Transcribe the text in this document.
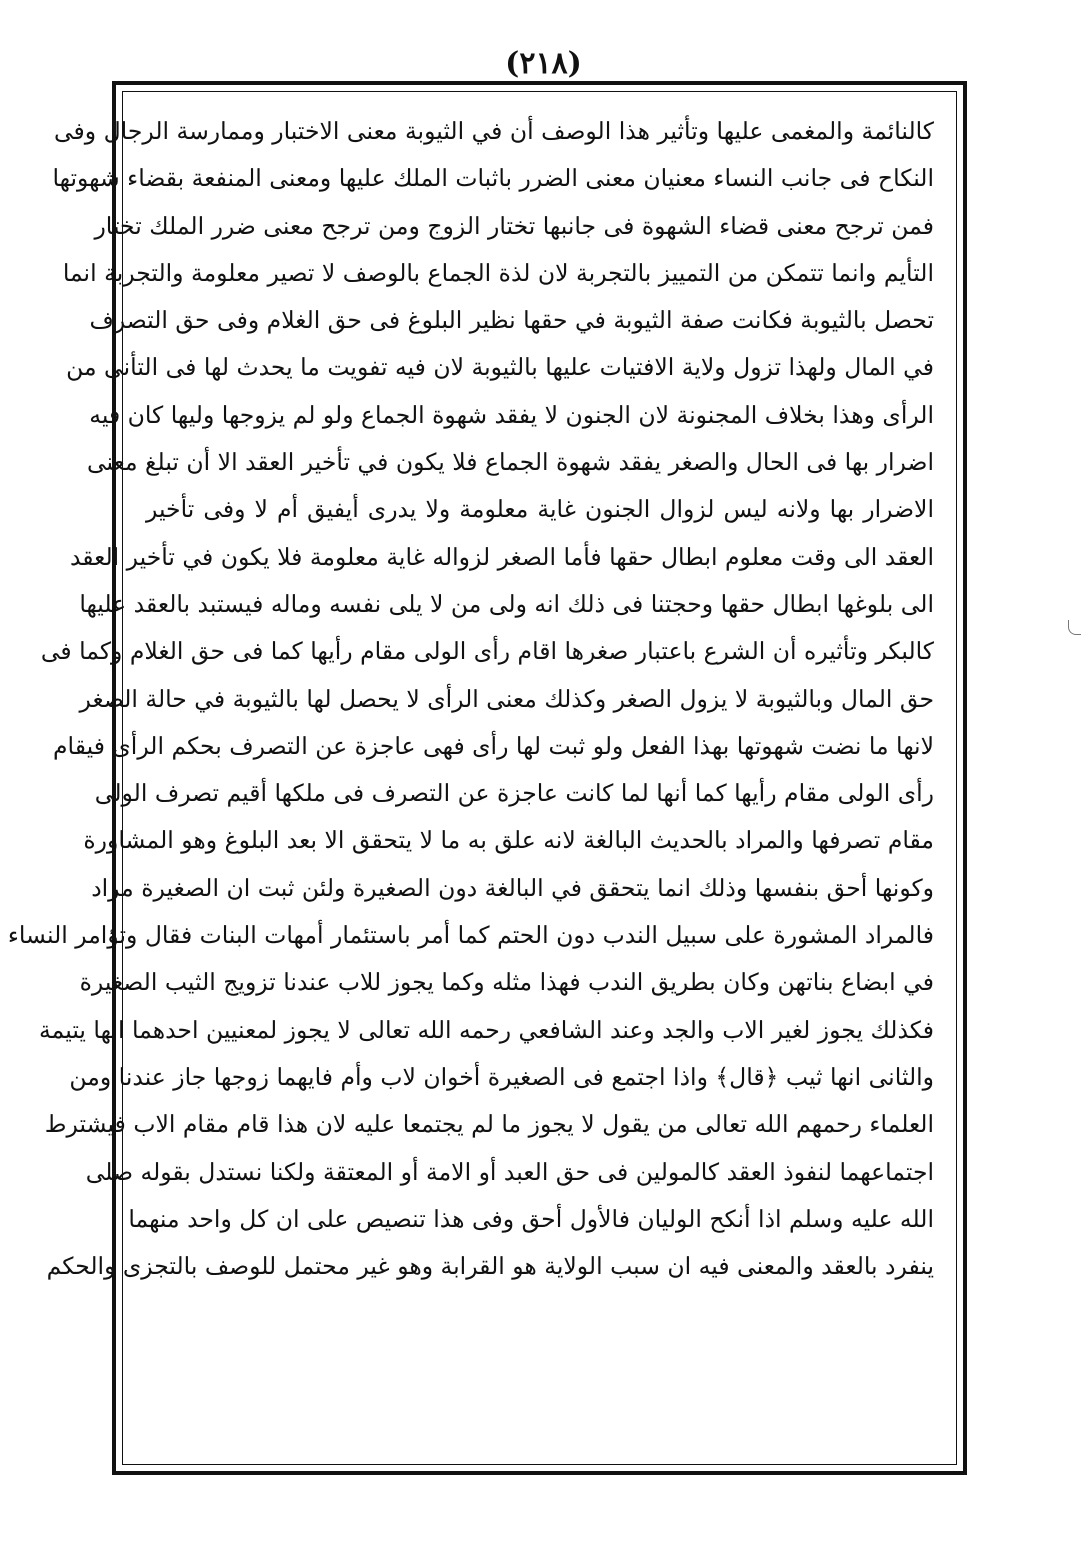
(٢١٨)
كالنائمة والمغمى عليها وتأثير هذا الوصف أن في الثيوبة معنى الاختبار وممارسة الرجال وفى
النكاح فى جانب النساء معنيان معنى الضرر باثبات الملك عليها ومعنى المنفعة بقضاء شهوتها
فمن ترجح معنى قضاء الشهوة فى جانبها تختار الزوج ومن ترجح معنى ضرر الملك تختار
التأيم وانما تتمكن من التمييز بالتجربة لان لذة الجماع بالوصف لا تصير معلومة والتجربة انما
تحصل بالثيوبة فكانت صفة الثيوبة في حقها نظير البلوغ فى حق الغلام وفى حق التصرف
في المال ولهذا تزول ولاية الافتيات عليها بالثيوبة لان فيه تفويت ما يحدث لها فى التأنى من
الرأى وهذا بخلاف المجنونة لان الجنون لا يفقد شهوة الجماع ولو لم يزوجها وليها كان فيه
اضرار بها فى الحال والصغر يفقد شهوة الجماع فلا يكون في تأخير العقد الا أن تبلغ معنى
الاضرار بها ولانه ليس لزوال الجنون غاية معلومة ولا يدرى أيفيق أم لا وفى تأخير
العقد الى وقت معلوم ابطال حقها فأما الصغر لزواله غاية معلومة فلا يكون في تأخير العقد
الى بلوغها ابطال حقها وحجتنا فى ذلك انه ولى من لا يلى نفسه وماله فيستبد بالعقد عليها
كالبكر وتأثيره أن الشرع باعتبار صغرها اقام رأى الولى مقام رأيها كما فى حق الغلام وكما فى
حق المال وبالثيوبة لا يزول الصغر وكذلك معنى الرأى لا يحصل لها بالثيوبة في حالة الصغر
لانها ما نضت شهوتها بهذا الفعل ولو ثبت لها رأى فهى عاجزة عن التصرف بحكم الرأى فيقام
رأى الولى مقام رأيها كما أنها لما كانت عاجزة عن التصرف فى ملكها أقيم تصرف الولى
مقام تصرفها والمراد بالحديث البالغة لانه علق به ما لا يتحقق الا بعد البلوغ وهو المشاورة
وكونها أحق بنفسها وذلك انما يتحقق في البالغة دون الصغيرة ولئن ثبت ان الصغيرة مراد
فالمراد المشورة على سبيل الندب دون الحتم كما أمر باستئمار أمهات البنات فقال وتؤامر النساء
في ابضاع بناتهن وكان بطريق الندب فهذا مثله وكما يجوز للاب عندنا تزويج الثيب الصغيرة
فكذلك يجوز لغير الاب والجد وعند الشافعي رحمه الله تعالى لا يجوز لمعنيين احدهما انها يتيمة
والثانى انها ثيب ﴿قال﴾ واذا اجتمع فى الصغيرة أخوان لاب وأم فايهما زوجها جاز عندنا ومن
العلماء رحمهم الله تعالى من يقول لا يجوز ما لم يجتمعا عليه لان هذا قام مقام الاب فيشترط
اجتماعهما لنفوذ العقد كالمولين فى حق العبد أو الامة أو المعتقة ولكنا نستدل بقوله صلى
الله عليه وسلم اذا أنكح الوليان فالأول أحق وفى هذا تنصيص على ان كل واحد منهما
ينفرد بالعقد والمعنى فيه ان سبب الولاية هو القرابة وهو غير محتمل للوصف بالتجزى والحكم
